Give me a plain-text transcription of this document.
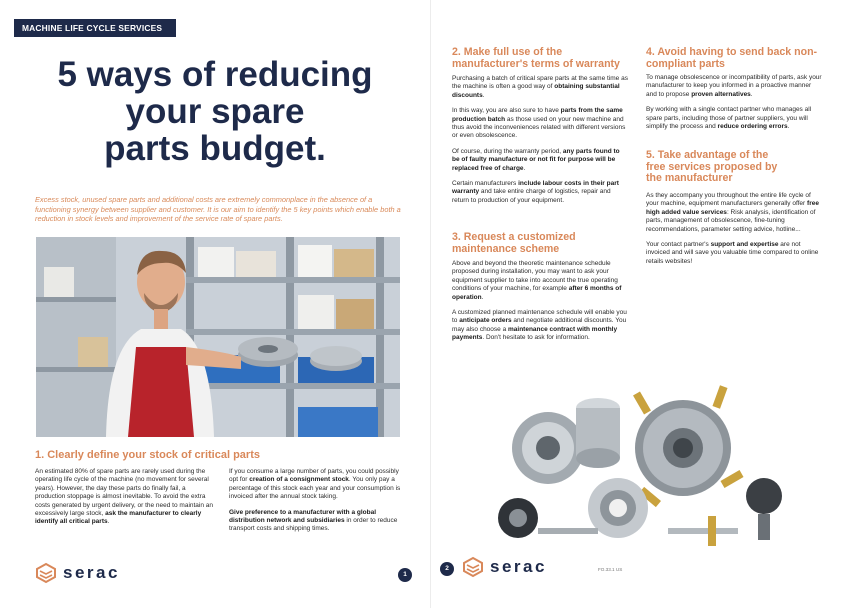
MACHINE LIFE CYCLE SERVICES
5 ways of reducing
your spare
parts budget.
Excess stock, unused spare parts and additional costs are extremely commonplace in the absence of a functioning synergy between supplier and customer. It is our aim to identify the 5 key points which enable both a reduction in stock levels and improvement of the service rate of spare parts.
1. Clearly define your stock of critical parts

An estimated 80% of spare parts are rarely used during the operating life cycle of the machine (no movement for several years). However, the day these parts do finally fail, a production stoppage is almost inevitable. To avoid the extra costs generated by urgent delivery, or the need to maintain an excessively large stock, ask the manufacturer to clearly identify all critical parts.

If you consume a large number of parts, you could possibly opt for creation of a consignment stock. You only pay a percentage of this stock each year and your consumption is invoiced after the annual stock taking.

Give preference to a manufacturer with a global distribution network and subsidiaries in order to reduce transport costs and shipping times.

serac	1
2. Make full use of the manufacturer's terms of warranty

Purchasing a batch of critical spare parts at the same time as the machine is often a good way of obtaining substantial discounts.

In this way, you are also sure to have parts from the same production batch as those used on your new machine and thus avoid the inconveniences related with different versions or even obsolescence.

Of course, during the warranty period, any parts found to be of faulty manufacture or not fit for purpose will be replaced free of charge.

Certain manufacturers include labour costs in their part warranty and take entire charge of logistics, repair and return to production of your equipment.

3. Request a customized maintenance scheme

Above and beyond the theoretic maintenance schedule proposed during installation, you may want to ask your equipment supplier to take into account the true operating conditions of your machine, for example after 6 months of operation.

A customized planned maintenance schedule will enable you to anticipate orders and negotiate additional discounts. You may also choose a maintenance contract with monthly payments. Don't hesitate to ask for information.

4. Avoid having to send back non-compliant parts

To manage obsolescence or incompatibility of parts, ask your manufacturer to keep you informed in a proactive manner and to propose proven alternatives.

By working with a single contact partner who manages all spare parts, including those of partner suppliers, you will simplify the process and reduce ordering errors.

5. Take advantage of the free services proposed by the manufacturer

As they accompany you throughout the entire life cycle of your machine, equipment manufacturers generally offer free high added value services: Risk analysis, identification of parts, management of obsolescence, fine-tuning recommendations, parameter setting advice, hotline...

Your contact partner's support and expertise are not invoiced and will save you valuable time compared to online retails websites!

2	serac	FO.33.1 US
